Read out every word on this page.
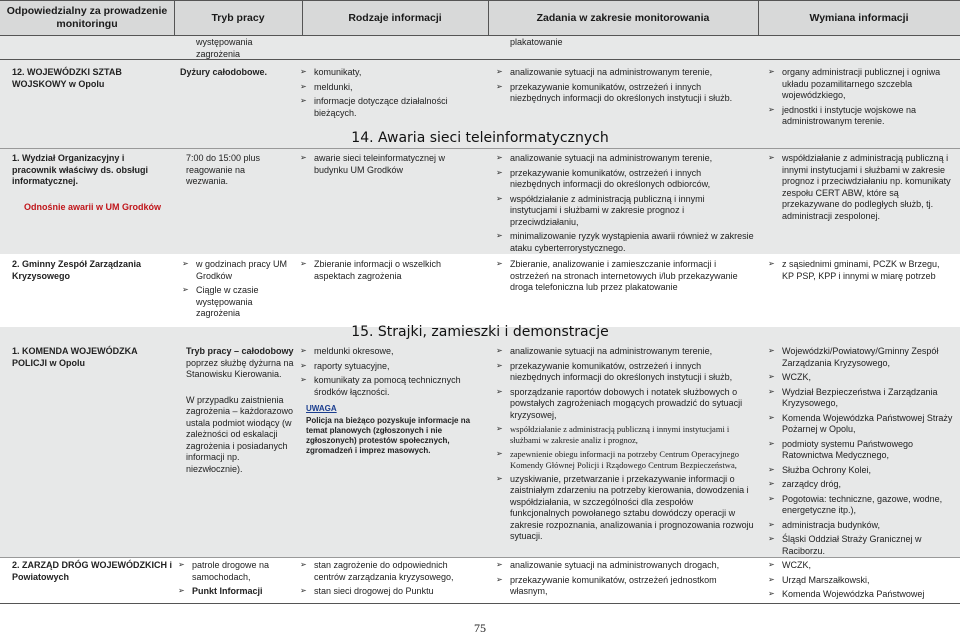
Odpowiedzialny za prowadzenie monitoringu
Tryb pracy	Rodzaje informacji	Zadania w zakresie monitorowania	Wymiana informacji
występowania zagrożenia
plakatowanie
12. WOJEWÓDZKI SZTAB WOJSKOWY w Opolu
Dyżury całodobowe.
➢	komunikaty,
➢ meldunki,
➢ informacje dotyczące działalności bieżących.
➢ analizowanie sytuacji na administrowanym terenie,
➢ przekazywanie komunikatów, ostrzeżeń i innych niezbędnych informacji do określonych instytucji i służb.
➢ organy administracji publicznej i ogniwa układu pozamilitarnego szczebla wojewódzkiego,
➢ jednostki i instytucje wojskowe na administrowanym terenie.
14. Awaria sieci teleinformatycznych
1. Wydział Organizacyjny i pracownik właściwy ds. obsługi informatycznej.
Odnośnie awarii w UM Grodków
7:00 do 15:00 plus reagowanie na wezwania.
➢ awarie sieci teleinformatycznej w budynku UM Grodków
➢ analizowanie sytuacji na administrowanym terenie,
➢ przekazywanie komunikatów, ostrzeżeń i innych niezbędnych informacji do określonych odbiorców,
➢ współdziałanie z administracją publiczną i innymi instytucjami i służbami w zakresie prognoz i przeciwdziałaniu,
➢ minimalizowanie ryzyk wystąpienia awarii również w zakresie ataku cyberterrorystycznego.
➢ współdziałanie z administracją publiczną i innymi instytucjami i służbami w zakresie prognoz i przeciwdziałaniu np. komunikaty zespołu CERT ABW, które są przekazywane do podległych służb, tj. administracji zespolonej.
2. Gminny Zespół Zarządzania Kryzysowego
➢ w godzinach pracy UM Grodków
➢ Ciągle w czasie występowania zagrożenia
➢ Zbieranie informacji o wszelkich aspektach zagrożenia
➢ Zbieranie, analizowanie i zamieszczanie informacji i ostrzeżeń na stronach internetowych i/lub przekazywanie droga telefoniczna lub przez plakatowanie
➢ z sąsiednimi gminami, PCZK w Brzegu, KP PSP, KPP i innymi w miarę potrzeb
15. Strajki, zamieszki i demonstracje
1. KOMENDA WOJEWÓDZKA POLICJI w Opolu
Tryb pracy – całodobowy poprzez służbę dyżurna na Stanowisku Kierowania.
W przypadku zaistnienia zagrożenia – każdorazowo ustala podmiot wiodący (w zależności od eskalacji zagrożenia i posiadanych informacji np. niezwłocznie).
➢ meldunki okresowe,
➢ raporty sytuacyjne,
➢ komunikaty za pomocą technicznych środków łączności.
UWAGA
Policja na bieżąco pozyskuje informacje na temat planowych (zgłoszonych i nie zgłoszonych) protestów społecznych, zgromadzeń i imprez masowych.
➢ analizowanie sytuacji na administrowanym terenie,
➢ przekazywanie komunikatów, ostrzeżeń i innych niezbędnych informacji do określonych instytucji i służb,
➢ sporządzanie raportów dobowych i notatek służbowych o powstałych zagrożeniach mogących prowadzić do sytuacji kryzysowej,
➢ współdziałanie z administracją publiczną i innymi instytucjami i służbami w zakresie analiz i prognoz,
➢ zapewnienie obiegu informacji na potrzeby Centrum Operacyjnego Komendy Głównej Policji i Rządowego Centrum Bezpieczeństwa,
➢ uzyskiwanie, przetwarzanie i przekazywanie informacji o zaistniałym zdarzeniu na potrzeby kierowania, dowodzenia i współdziałania, w szczególności dla zespołów funkcjonalnych powołanego sztabu dowódczy operacji w zakresie rozpoznania, analizowania i prognozowania rozwoju sytuacji.
➢ Wojewódzki/Powiatowy/Gminny Zespół Zarządzania Kryzysowego,
➢ WCZK,
➢ Wydział Bezpieczeństwa i Zarządzania Kryzysowego,
➢ Komenda Wojewódzka Państwowej Straży Pożarnej w Opolu,
➢ podmioty systemu Państwowego Ratownictwa Medycznego,
➢ Służba Ochrony Kolei,
➢ zarządcy dróg,
➢ Pogotowia: techniczne, gazowe, wodne, energetyczne itp.),
➢ administracja budynków,
➢ Śląski Oddział Straży Granicznej w Raciborzu.
2. ZARZĄD DRÓG WOJEWÓDZKICH i Powiatowych
➢ patrole drogowe na samochodach,
➢ Punkt Informacji
➢ stan zagrożenie do odpowiednich centrów zarządzania kryzysowego,
➢ stan sieci drogowej do Punktu
➢ analizowanie sytuacji na administrowanych drogach,
➢ przekazywanie komunikatów, ostrzeżeń jednostkom własnym,
➢ WCZK,
➢ Urząd Marszałkowski,
➢ Komenda Wojewódzka Państwowej
75
